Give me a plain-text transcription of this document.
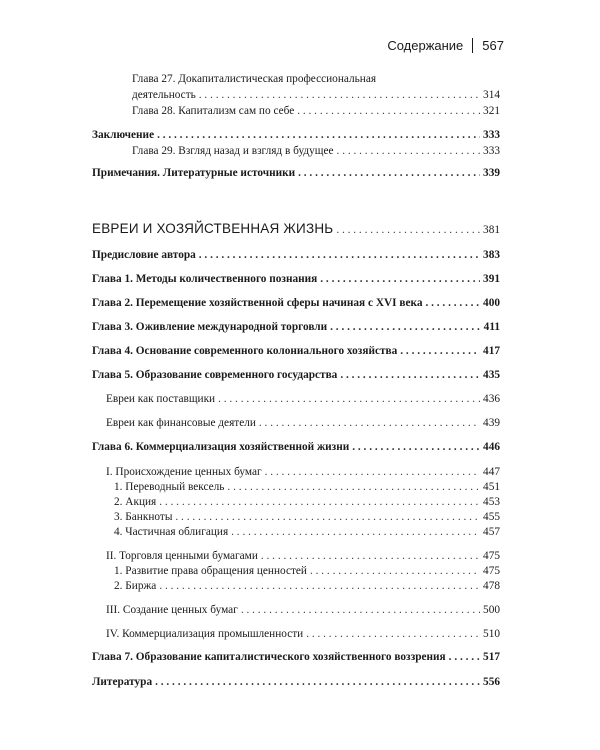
Содержание 567
Глава 27. Докапиталистическая профессиональная
деятельность . . .	314
Глава 28. Капитализм сам по себе . . .	321
Заключение . . .	333
Глава 29. Взгляд назад и взгляд в будущее . . .	333
Примечания. Литературные источники . . .	339
ЕВРЕИ И ХОЗЯЙСТВЕННАЯ ЖИЗНЬ . . .	381
Предисловие автора . . .	383
Глава 1. Методы количественного познания . . .	391
Глава 2. Перемещение хозяйственной сферы начиная с XVI века . . .	400
Глава 3. Оживление международной торговли . . .	411
Глава 4. Основание современного колониального хозяйства . . .	417
Глава 5. Образование современного государства . . .	435
Евреи как поставщики . . .	436
Евреи как финансовые деятели . . .	439
Глава 6. Коммерциализация хозяйственной жизни . . .	446
I. Происхождение ценных бумаг . . .	447
1. Переводный вексель . . .	451
2. Акция . . .	453
3. Банкноты . . .	455
4. Частичная облигация . . .	457
II. Торговля ценными бумагами . . .	475
1. Развитие права обращения ценностей . . .	475
2. Биржа . . .	478
III. Создание ценных бумаг . . .	500
IV. Коммерциализация промышленности . . .	510
Глава 7. Образование капиталистического хозяйственного воззрения . . .	517
Литература . . .	556
